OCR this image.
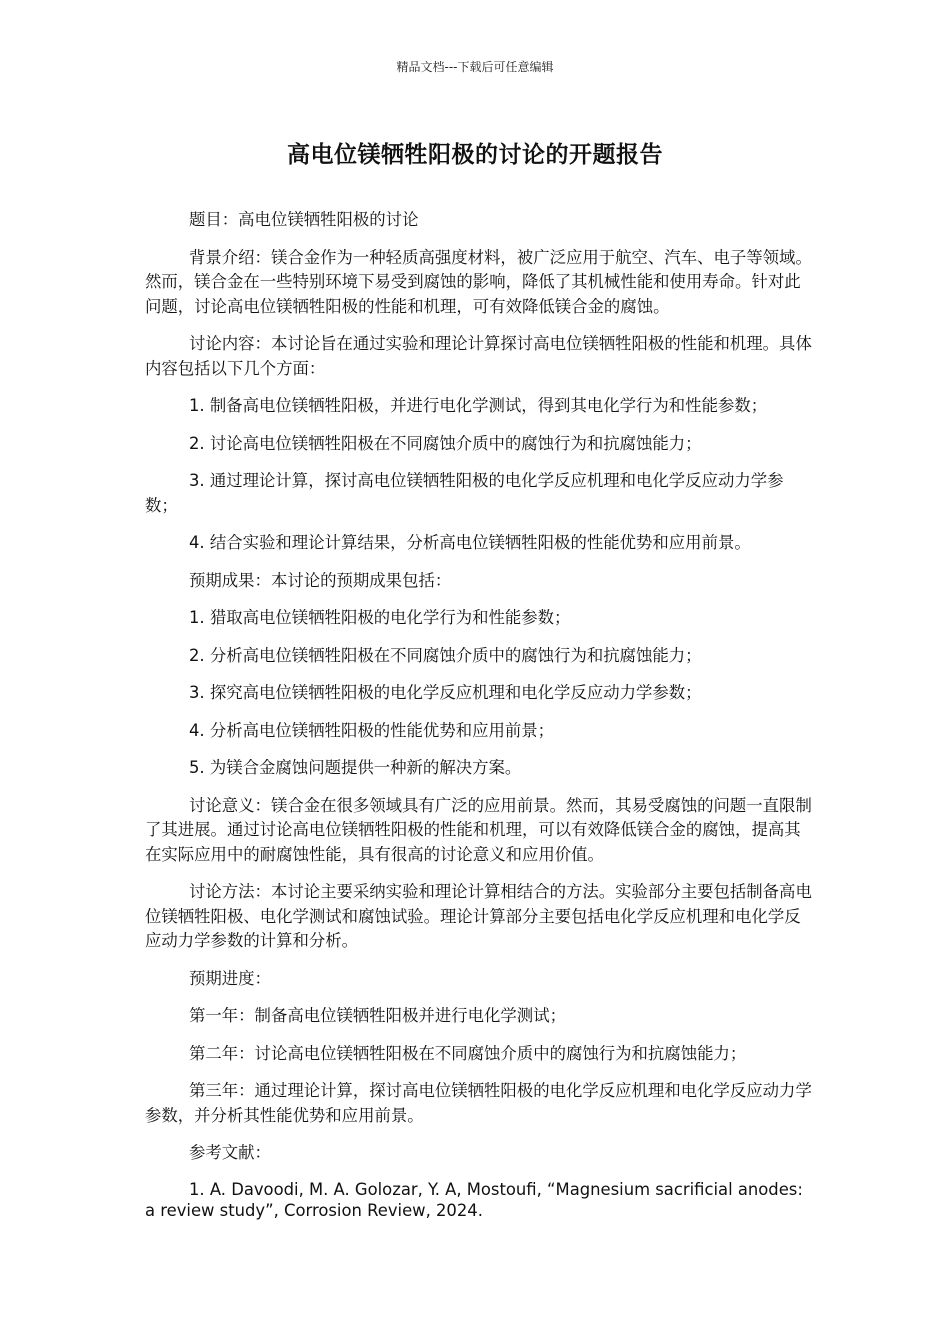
精品文档---下载后可任意编辑
高电位镁牺牲阳极的讨论的开题报告

题目：高电位镁牺牲阳极的讨论

背景介绍：镁合金作为一种轻质高强度材料，被广泛应用于航空、汽车、电子等领域。然而，镁合金在一些特别环境下易受到腐蚀的影响，降低了其机械性能和使用寿命。针对此问题，讨论高电位镁牺牲阳极的性能和机理，可有效降低镁合金的腐蚀。

讨论内容：本讨论旨在通过实验和理论计算探讨高电位镁牺牲阳极的性能和机理。具体内容包括以下几个方面：

1. 制备高电位镁牺牲阳极，并进行电化学测试，得到其电化学行为和性能参数；

2. 讨论高电位镁牺牲阳极在不同腐蚀介质中的腐蚀行为和抗腐蚀能力；

3. 通过理论计算，探讨高电位镁牺牲阳极的电化学反应机理和电化学反应动力学参数；

4. 结合实验和理论计算结果，分析高电位镁牺牲阳极的性能优势和应用前景。

预期成果：本讨论的预期成果包括：

1. 猎取高电位镁牺牲阳极的电化学行为和性能参数；

2. 分析高电位镁牺牲阳极在不同腐蚀介质中的腐蚀行为和抗腐蚀能力；

3. 探究高电位镁牺牲阳极的电化学反应机理和电化学反应动力学参数；

4. 分析高电位镁牺牲阳极的性能优势和应用前景；

5. 为镁合金腐蚀问题提供一种新的解决方案。

讨论意义：镁合金在很多领域具有广泛的应用前景。然而，其易受腐蚀的问题一直限制了其进展。通过讨论高电位镁牺牲阳极的性能和机理，可以有效降低镁合金的腐蚀，提高其在实际应用中的耐腐蚀性能，具有很高的讨论意义和应用价值。

讨论方法：本讨论主要采纳实验和理论计算相结合的方法。实验部分主要包括制备高电位镁牺牲阳极、电化学测试和腐蚀试验。理论计算部分主要包括电化学反应机理和电化学反应动力学参数的计算和分析。

预期进度：

第一年：制备高电位镁牺牲阳极并进行电化学测试；

第二年：讨论高电位镁牺牲阳极在不同腐蚀介质中的腐蚀行为和抗腐蚀能力；

第三年：通过理论计算，探讨高电位镁牺牲阳极的电化学反应机理和电化学反应动力学参数，并分析其性能优势和应用前景。

参考文献：

1. A. Davoodi, M. A. Golozar, Y. A, Mostoufi, “Magnesium sacrificial anodes: a review study”, Corrosion Review, 2024.
